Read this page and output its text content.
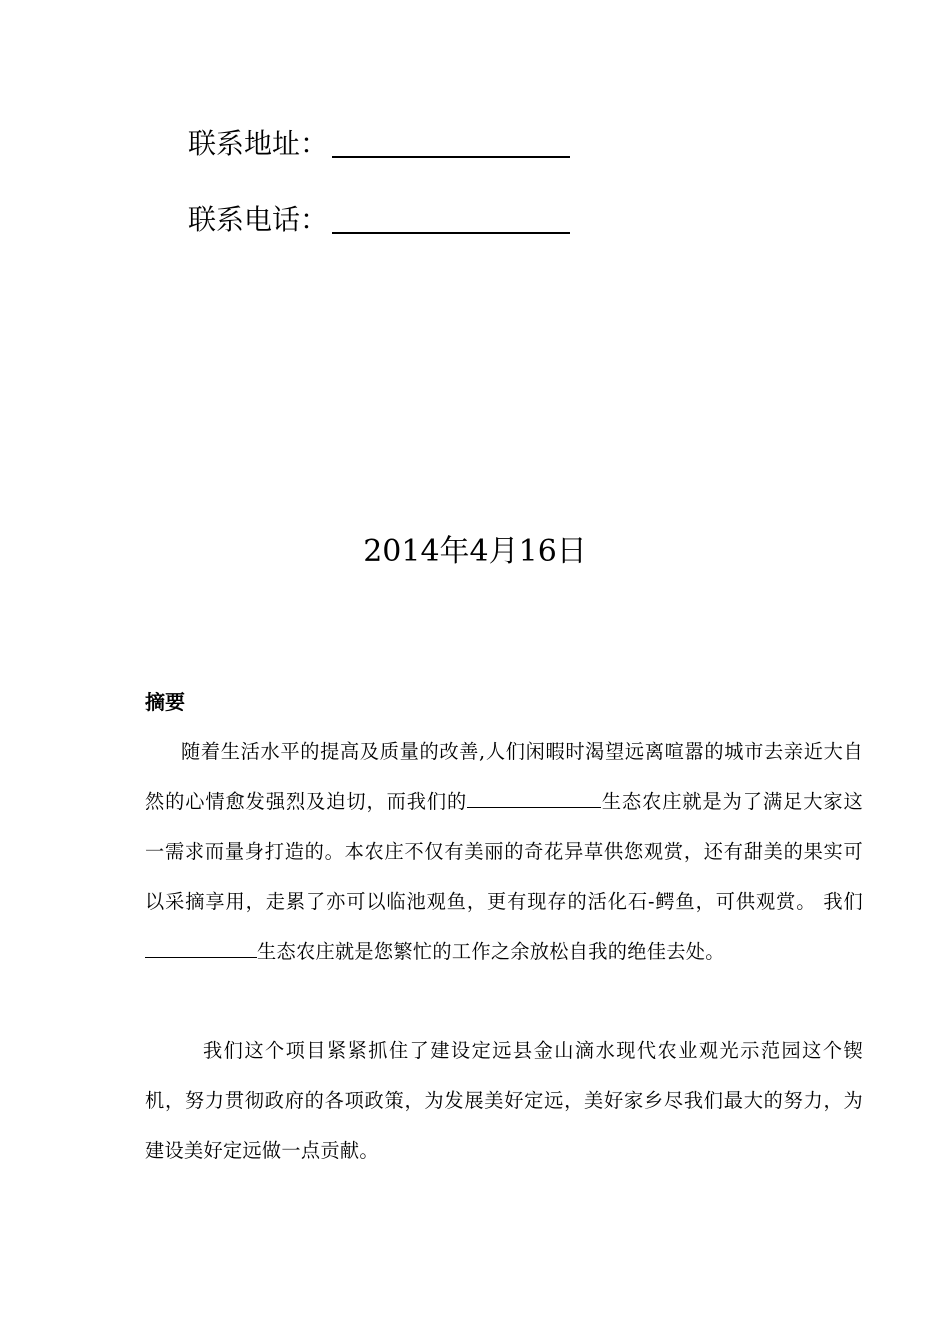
联系地址：
联系电话：
2014年4月16日
摘要

随着生活水平的提高及质量的改善,人们闲暇时渴望远离喧嚣的城市去亲近大自然的心情愈发强烈及迫切，而我们的	生态农庄就是为了满足大家这一需求而量身打造的。本农庄不仅有美丽的奇花异草供您观赏，还有甜美的果实可以采摘享用，走累了亦可以临池观鱼，更有现存的活化石-鳄鱼，可供观赏。 我们生态农庄就是您繁忙的工作之余放松自我的绝佳去处。

我们这个项目紧紧抓住了建设定远县金山滴水现代农业观光示范园这个锲机，努力贯彻政府的各项政策，为发展美好定远，美好家乡尽我们最大的努力，为建设美好定远做一点贡献。
